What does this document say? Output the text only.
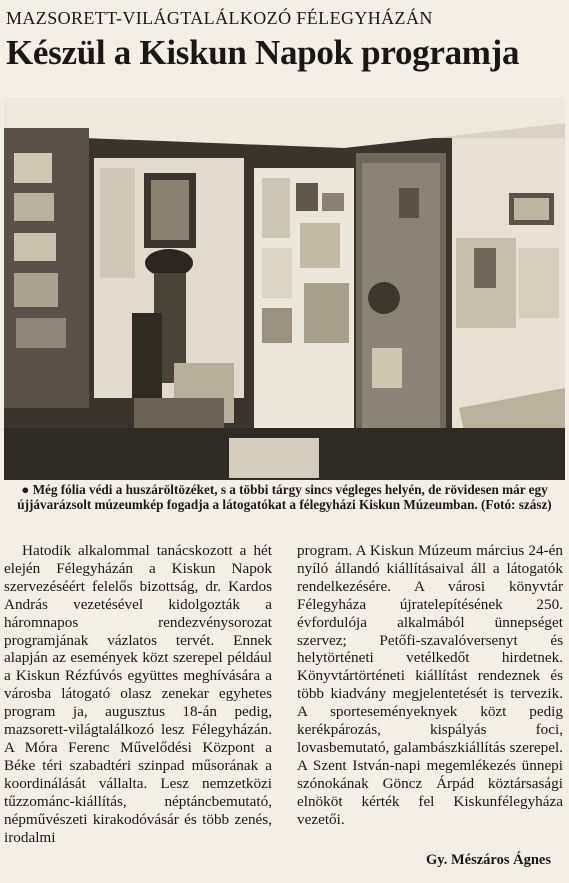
MAZSORETT-VILÁGTALÁLKOZÓ FÉLEGYHÁZÁN
Készül a Kiskun Napok programja
● Még fólia védi a huszáröltözéket, s a többi tárgy sincs végleges helyén, de rövidesen már egy újjávarázsolt múzeumkép fogadja a látogatókat a félegyházi Kiskun Múzeumban. (Fotó: szász)

Hatodik alkalommal tanácskozott a hét elején Félegyházán a Kiskun Napok szervezéséért felelős bizottság, dr. Kardos András vezetésével kidolgozták a háromnapos rendezvénysorozat programjának vázlatos tervét. Ennek alapján az események közt szerepel például a Kiskun Rézfúvós együttes meghívására a városba látogató olasz zenekar egyhetes program ja, augusztus 18-án pedig, mazsorett-világtalálkozó lesz Félegyházán. A Móra Ferenc Művelődési Központ a Béke téri szabadtéri szinpad műsorának a koordinálását vállalta. Lesz nemzetközi tűzzománc-kiállítás, néptáncbemutató, népművészeti kirakodóvásár és több zenés, irodalmi

program. A Kiskun Múzeum március 24-én nyíló állandó kiállításaival áll a látogatók rendelkezésére. A városi könyvtár Félegyháza újratelepítésének 250. évfordulója alkalmából ünnepséget szervez; Petőfi-szavalóversenyt és helytörténeti vetélkedőt hirdetnek. Könyvtártörténeti kiállítást rendeznek és több kiadvány megjelentetését is tervezik. A sporteseményeknyek közt pedig kerékpározás, kispályás foci, lovasbemutató, galambászkiállítás szerepel. A Szent István-napi megemlékezés ünnepi szónokának Göncz Árpád köztársasági elnököt kérték fel Kiskunfélegyháza vezetői.

Gy. Mészáros Ágnes
